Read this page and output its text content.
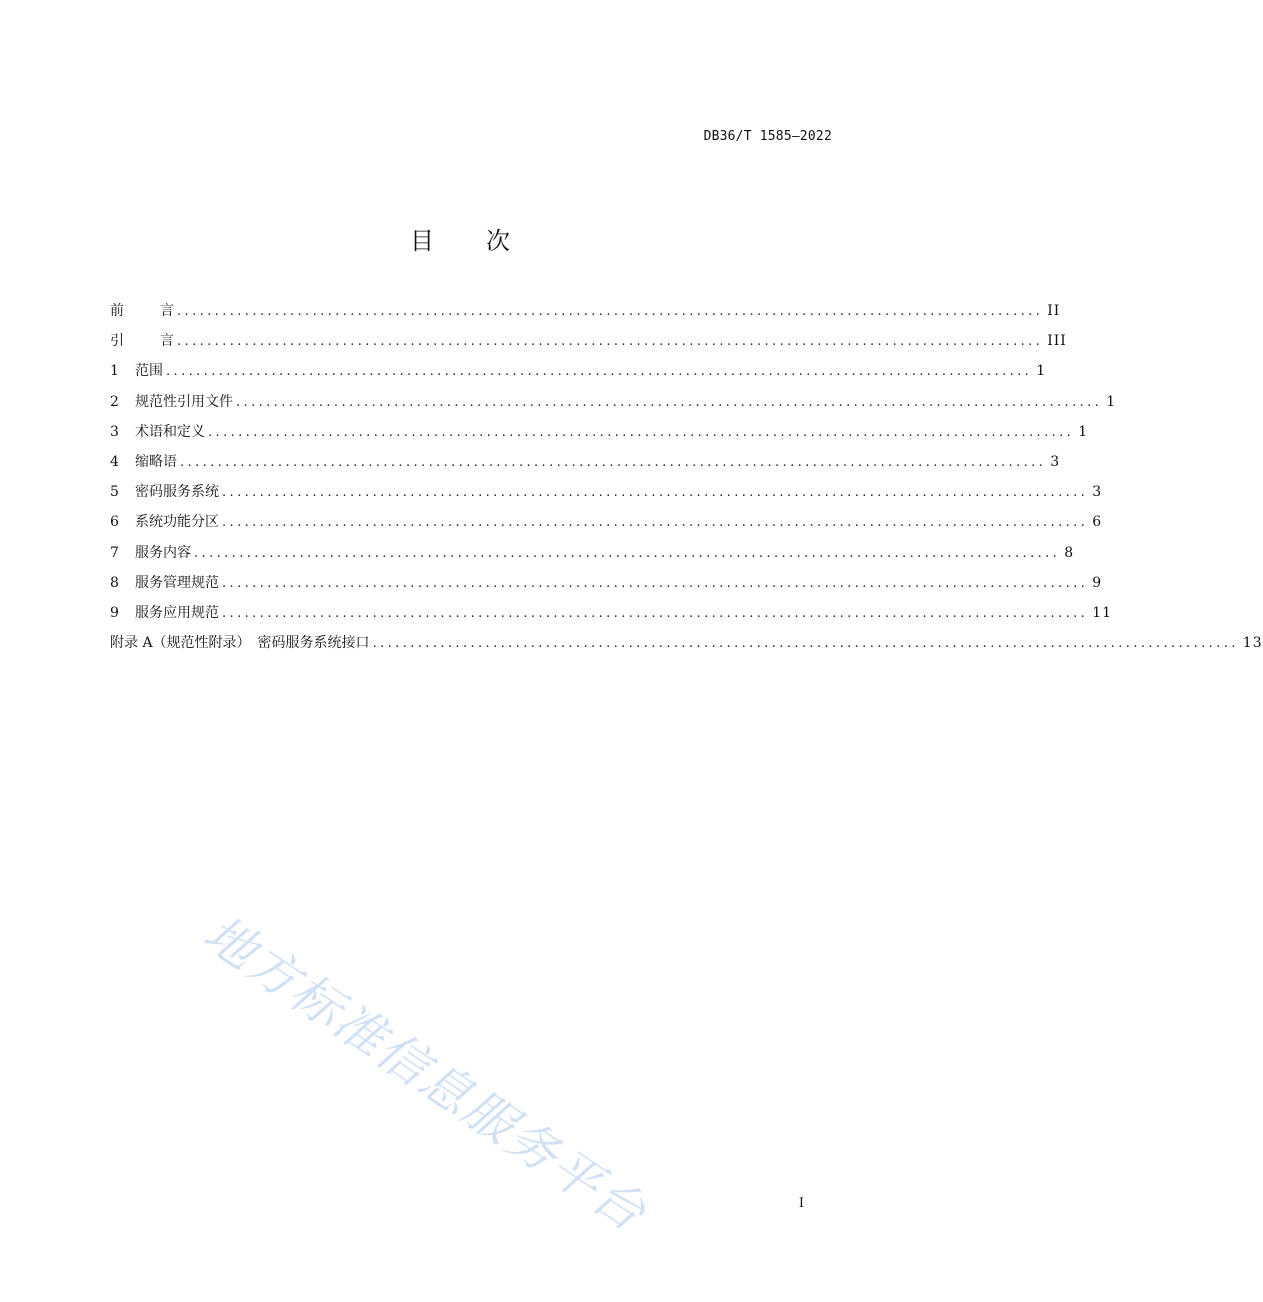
DB36/T 1585—2022
目 次
前	言 ................................................................................................................... II
引	言 ................................................................................................................... III
1	范围 ................................................................................................................... 1
2	规范性引用文件 ................................................................................................................... 1
3	术语和定义 ................................................................................................................... 1
4	缩略语 ................................................................................................................... 3
5	密码服务系统 ................................................................................................................... 3
6	系统功能分区 ................................................................................................................... 6
7	服务内容 ................................................................................................................... 8
8	服务管理规范 ................................................................................................................... 9
9	服务应用规范 ................................................................................................................... 11
附录 A（规范性附录）　密码服务系统接口 ................................................................................................................... 13
地方标准信息服务平台	I
